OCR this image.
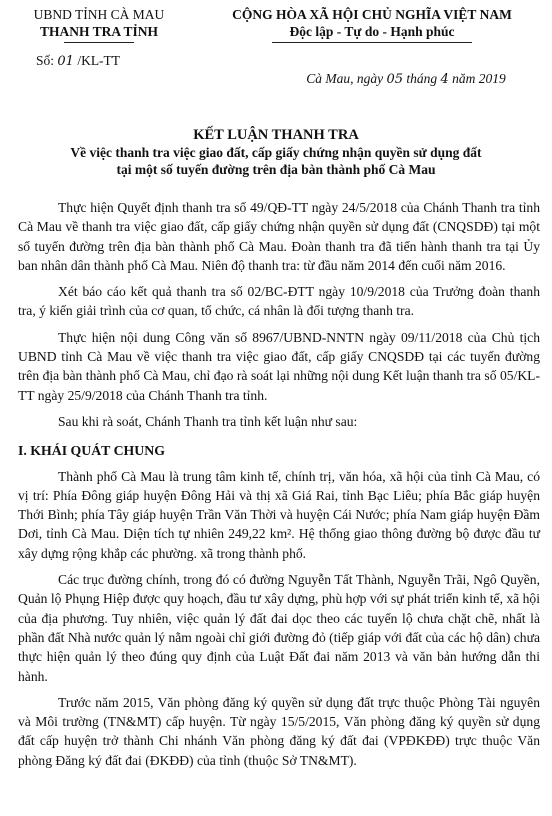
UBND TỈNH CÀ MAU
THANH TRA TỈNH
CỘNG HÒA XÃ HỘI CHỦ NGHĨA VIỆT NAM
Độc lập - Tự do - Hạnh phúc
Số: 01 /KL-TT
Cà Mau, ngày 05 tháng 4 năm 2019
KẾT LUẬN THANH TRA
Về việc thanh tra việc giao đất, cấp giấy chứng nhận quyền sử dụng đất
tại một số tuyến đường trên địa bàn thành phố Cà Mau

Thực hiện Quyết định thanh tra số 49/QĐ-TT ngày 24/5/2018 của Chánh Thanh tra tỉnh Cà Mau về thanh tra việc giao đất, cấp giấy chứng nhận quyền sử dụng đất (CNQSDĐ) tại một số tuyến đường trên địa bàn thành phố Cà Mau. Đoàn thanh tra đã tiến hành thanh tra tại Ủy ban nhân dân thành phố Cà Mau. Niên độ thanh tra: từ đầu năm 2014 đến cuối năm 2016.

Xét báo cáo kết quả thanh tra số 02/BC-ĐTT ngày 10/9/2018 của Trưởng đoàn thanh tra, ý kiến giải trình của cơ quan, tổ chức, cá nhân là đối tượng thanh tra.

Thực hiện nội dung Công văn số 8967/UBND-NNTN ngày 09/11/2018 của Chủ tịch UBND tỉnh Cà Mau về việc thanh tra việc giao đất, cấp giấy CNQSDĐ tại các tuyến đường trên địa bàn thành phố Cà Mau, chỉ đạo rà soát lại những nội dung Kết luận thanh tra số 05/KL-TT ngày 25/9/2018 của Chánh Thanh tra tỉnh.

Sau khi rà soát, Chánh Thanh tra tỉnh kết luận như sau:

I. KHÁI QUÁT CHUNG

Thành phố Cà Mau là trung tâm kinh tế, chính trị, văn hóa, xã hội của tỉnh Cà Mau, có vị trí: Phía Đông giáp huyện Đông Hải và thị xã Giá Rai, tỉnh Bạc Liêu; phía Bắc giáp huyện Thới Bình; phía Tây giáp huyện Trần Văn Thời và huyện Cái Nước; phía Nam giáp huyện Đầm Dơi, tỉnh Cà Mau. Diện tích tự nhiên 249,22 km². Hệ thống giao thông đường bộ được đầu tư xây dựng rộng khắp các phường. xã trong thành phố.

Các trục đường chính, trong đó có đường Nguyễn Tất Thành, Nguyễn Trãi, Ngô Quyền, Quản lộ Phụng Hiệp được quy hoạch, đầu tư xây dựng, phù hợp với sự phát triển kinh tế, xã hội của địa phương. Tuy nhiên, việc quản lý đất đai dọc theo các tuyến lộ chưa chặt chẽ, nhất là phần đất Nhà nước quản lý nằm ngoài chỉ giới đường đỏ (tiếp giáp với đất của các hộ dân) chưa thực hiện quản lý theo đúng quy định của Luật Đất đai năm 2013 và văn bản hướng dẫn thi hành.

Trước năm 2015, Văn phòng đăng ký quyền sử dụng đất trực thuộc Phòng Tài nguyên và Môi trường (TN&MT) cấp huyện. Từ ngày 15/5/2015, Văn phòng đăng ký quyền sử dụng đất cấp huyện trở thành Chi nhánh Văn phòng đăng ký đất đai (VPĐKĐĐ) trực thuộc Văn phòng Đăng ký đất đai (ĐKĐĐ) của tỉnh (thuộc Sở TN&MT).
